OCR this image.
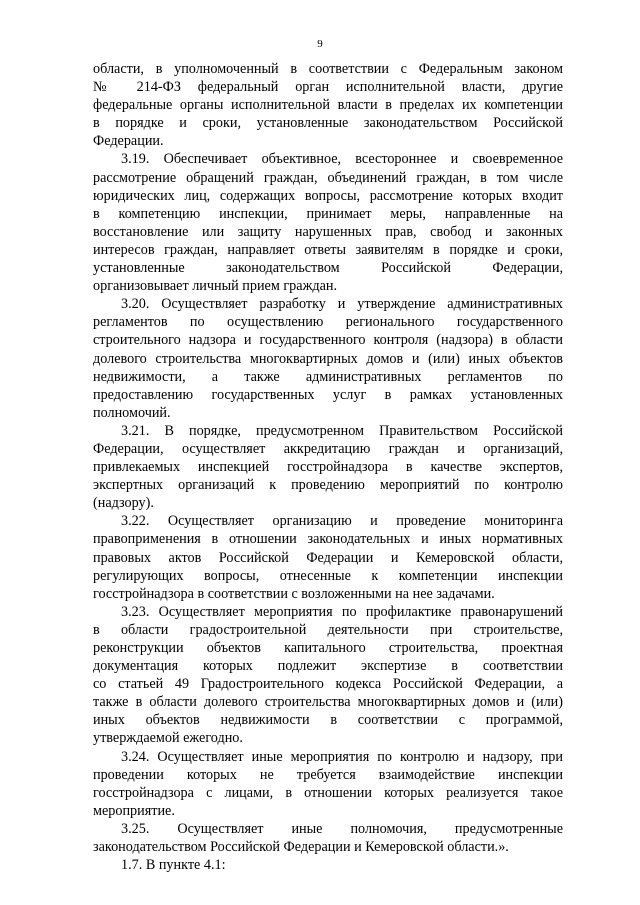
9
области, в уполномоченный в соответствии с Федеральным законом
№ 214-ФЗ федеральный орган исполнительной власти, другие
федеральные органы исполнительной власти в пределах их компетенции
в порядке и сроки, установленные законодательством Российской
Федерации.
3.19. Обеспечивает объективное, всестороннее и своевременное
рассмотрение обращений граждан, объединений граждан, в том числе
юридических лиц, содержащих вопросы, рассмотрение которых входит
в компетенцию инспекции, принимает меры, направленные на
восстановление или защиту нарушенных прав, свобод и законных
интересов граждан, направляет ответы заявителям в порядке и сроки,
установленные законодательством Российской Федерации,
организовывает личный прием граждан.
3.20. Осуществляет разработку и утверждение административных
регламентов по осуществлению регионального государственного
строительного надзора и государственного контроля (надзора) в области
долевого строительства многоквартирных домов и (или) иных объектов
недвижимости, а также административных регламентов по
предоставлению государственных услуг в рамках установленных
полномочий.
3.21. В порядке, предусмотренном Правительством Российской
Федерации, осуществляет аккредитацию граждан и организаций,
привлекаемых инспекцией госстройнадзора в качестве экспертов,
экспертных организаций к проведению мероприятий по контролю
(надзору).
3.22. Осуществляет организацию и проведение мониторинга
правоприменения в отношении законодательных и иных нормативных
правовых актов Российской Федерации и Кемеровской области,
регулирующих вопросы, отнесенные к компетенции инспекции
госстройнадзора в соответствии с возложенными на нее задачами.
3.23. Осуществляет мероприятия по профилактике правонарушений
в области градостроительной деятельности при строительстве,
реконструкции объектов капитального строительства, проектная
документация которых подлежит экспертизе в соответствии
со статьей 49 Градостроительного кодекса Российской Федерации, а
также в области долевого строительства многоквартирных домов и (или)
иных объектов недвижимости в соответствии с программой,
утверждаемой ежегодно.
3.24. Осуществляет иные мероприятия по контролю и надзору, при
проведении которых не требуется взаимодействие инспекции
госстройнадзора с лицами, в отношении которых реализуется такое
мероприятие.
3.25. Осуществляет иные полномочия, предусмотренные
законодательством Российской Федерации и Кемеровской области.».
1.7. В пункте 4.1:
